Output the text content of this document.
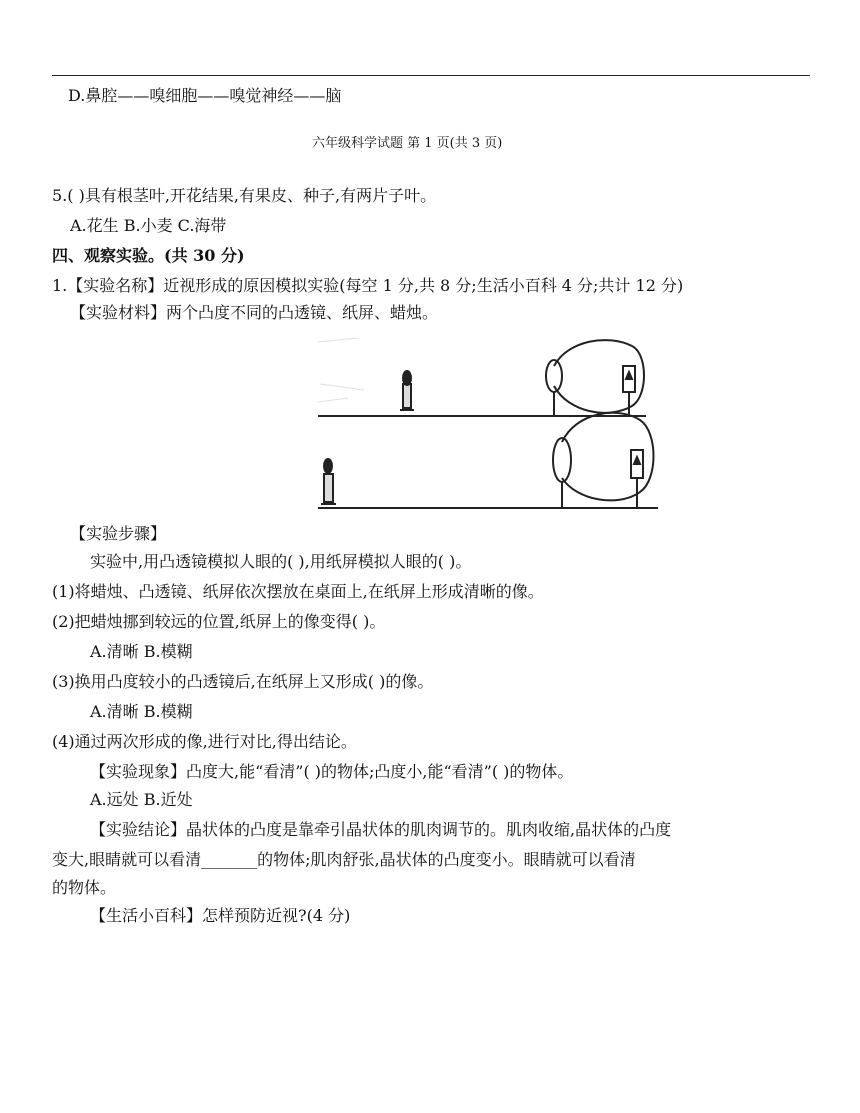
D.鼻腔——嗅细胞——嗅觉神经——脑
六年级科学试题 第 1 页(共 3 页)
5.( )具有根茎叶,开花结果,有果皮、种子,有两片子叶。
A.花生 B.小麦 C.海带
四、观察实验。(共 30 分)
1.【实验名称】近视形成的原因模拟实验(每空 1 分,共 8 分;生活小百科 4 分;共计 12 分)
【实验材料】两个凸度不同的凸透镜、纸屏、蜡烛。
【实验步骤】
实验中,用凸透镜模拟人眼的( ),用纸屏模拟人眼的( )。
(1)将蜡烛、凸透镜、纸屏依次摆放在桌面上,在纸屏上形成清晰的像。
(2)把蜡烛挪到较远的位置,纸屏上的像变得( )。
A.清晰 B.模糊
(3)换用凸度较小的凸透镜后,在纸屏上又形成( )的像。
A.清晰 B.模糊
(4)通过两次形成的像,进行对比,得出结论。
【实验现象】凸度大,能“看清”( )的物体;凸度小,能“看清”( )的物体。
A.远处 B.近处
【实验结论】晶状体的凸度是靠牵引晶状体的肌肉调节的。肌肉收缩,晶状体的凸度
变大,眼睛就可以看清_______的物体;肌肉舒张,晶状体的凸度变小。眼睛就可以看清
的物体。
【生活小百科】怎样预防近视?(4 分)
